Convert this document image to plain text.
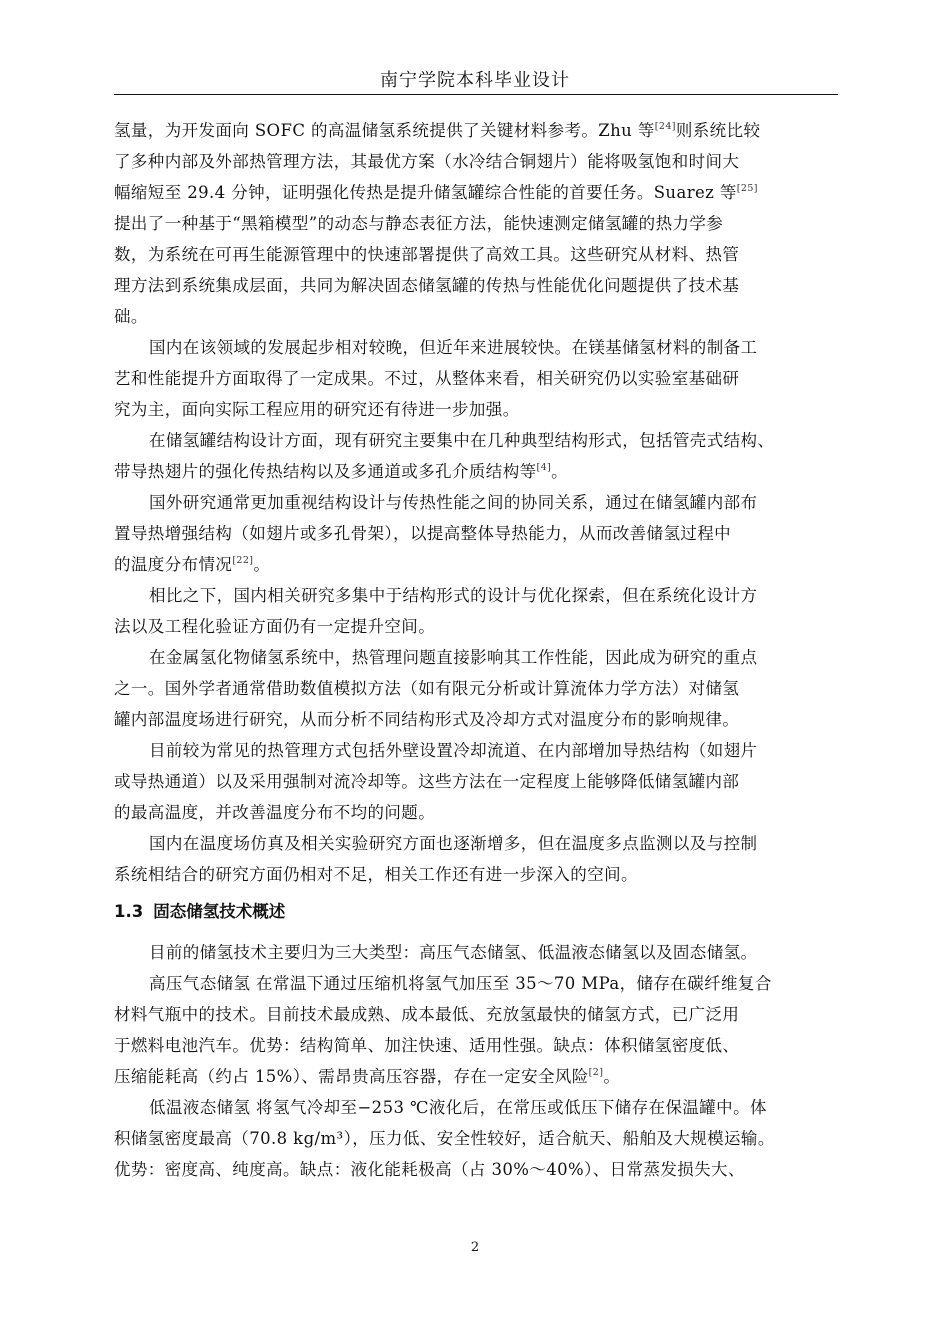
南宁学院本科毕业设计
氢量，为开发面向 SOFC 的高温储氢系统提供了关键材料参考。Zhu 等[24]则系统比较
了多种内部及外部热管理方法，其最优方案（水冷结合铜翅片）能将吸氢饱和时间大
幅缩短至 29.4 分钟，证明强化传热是提升储氢罐综合性能的首要任务。Suarez 等[25]
提出了一种基于“黑箱模型”的动态与静态表征方法，能快速测定储氢罐的热力学参
数，为系统在可再生能源管理中的快速部署提供了高效工具。这些研究从材料、热管
理方法到系统集成层面，共同为解决固态储氢罐的传热与性能优化问题提供了技术基
础。
国内在该领域的发展起步相对较晚，但近年来进展较快。在镁基储氢材料的制备工
艺和性能提升方面取得了一定成果。不过，从整体来看，相关研究仍以实验室基础研
究为主，面向实际工程应用的研究还有待进一步加强。
在储氢罐结构设计方面，现有研究主要集中在几种典型结构形式，包括管壳式结构、
带导热翅片的强化传热结构以及多通道或多孔介质结构等[4]。
国外研究通常更加重视结构设计与传热性能之间的协同关系，通过在储氢罐内部布
置导热增强结构（如翅片或多孔骨架），以提高整体导热能力，从而改善储氢过程中
的温度分布情况[22]。
相比之下，国内相关研究多集中于结构形式的设计与优化探索，但在系统化设计方
法以及工程化验证方面仍有一定提升空间。
在金属氢化物储氢系统中，热管理问题直接影响其工作性能，因此成为研究的重点
之一。国外学者通常借助数值模拟方法（如有限元分析或计算流体力学方法）对储氢
罐内部温度场进行研究，从而分析不同结构形式及冷却方式对温度分布的影响规律。
目前较为常见的热管理方式包括外壁设置冷却流道、在内部增加导热结构（如翅片
或导热通道）以及采用强制对流冷却等。这些方法在一定程度上能够降低储氢罐内部
的最高温度，并改善温度分布不均的问题。
国内在温度场仿真及相关实验研究方面也逐渐增多，但在温度多点监测以及与控制
系统相结合的研究方面仍相对不足，相关工作还有进一步深入的空间。
1.3 固态储氢技术概述
目前的储氢技术主要归为三大类型：高压气态储氢、低温液态储氢以及固态储氢。
高压气态储氢 在常温下通过压缩机将氢气加压至 35～70 MPa，储存在碳纤维复合
材料气瓶中的技术。目前技术最成熟、成本最低、充放氢最快的储氢方式，已广泛用
于燃料电池汽车。优势：结构简单、加注快速、适用性强。缺点：体积储氢密度低、
压缩能耗高（约占 15%）、需昂贵高压容器，存在一定安全风险[2]。
低温液态储氢 将氢气冷却至−253 ℃液化后，在常压或低压下储存在保温罐中。体
积储氢密度最高（70.8 kg/m³），压力低、安全性较好，适合航天、船舶及大规模运输。
优势：密度高、纯度高。缺点：液化能耗极高（占 30%～40%）、日常蒸发损失大、
2
